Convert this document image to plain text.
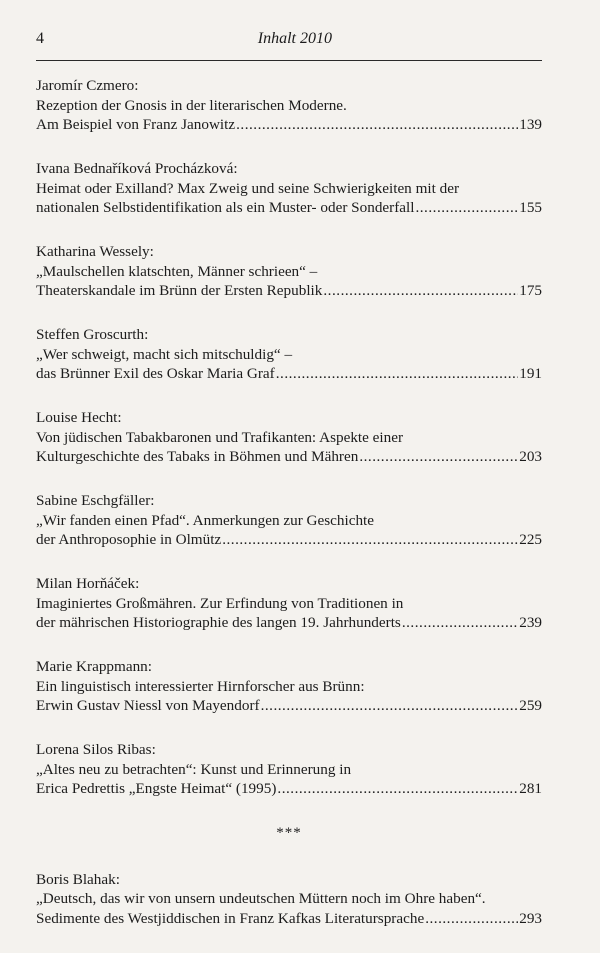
4	Inhalt 2010
Jaromír Czmero:
Rezeption der Gnosis in der literarischen Moderne.
Am Beispiel von Franz Janowitz .....	139
Ivana Bednaříková Procházková:
Heimat oder Exilland? Max Zweig und seine Schwierigkeiten mit der
nationalen Selbstidentifikation als ein Muster- oder Sonderfall .....	155
Katharina Wessely:
„Maulschellen klatschten, Männer schrieen“ –
Theaterskandale im Brünn der Ersten Republik .....	175
Steffen Groscurth:
„Wer schweigt, macht sich mitschuldig“ –
das Brünner Exil des Oskar Maria Graf .....	191
Louise Hecht:
Von jüdischen Tabakbaronen und Trafikanten: Aspekte einer
Kulturgeschichte des Tabaks in Böhmen und Mähren .....	203
Sabine Eschgfäller:
„Wir fanden einen Pfad“. Anmerkungen zur Geschichte
der Anthroposophie in Olmütz .....	225
Milan Horňáček:
Imaginiertes Großmähren. Zur Erfindung von Traditionen in
der mährischen Historiographie des langen 19. Jahrhunderts .....	239
Marie Krappmann:
Ein linguistisch interessierter Hirnforscher aus Brünn:
Erwin Gustav Niessl von Mayendorf .....	259
Lorena Silos Ribas:
„Altes neu zu betrachten“: Kunst und Erinnerung in
Erica Pedrettis „Engste Heimat“ (1995) .....	281
***
Boris Blahak:
„Deutsch, das wir von unsern undeutschen Müttern noch im Ohre haben“.
Sedimente des Westjiddischen in Franz Kafkas Literatursprache .....	293
